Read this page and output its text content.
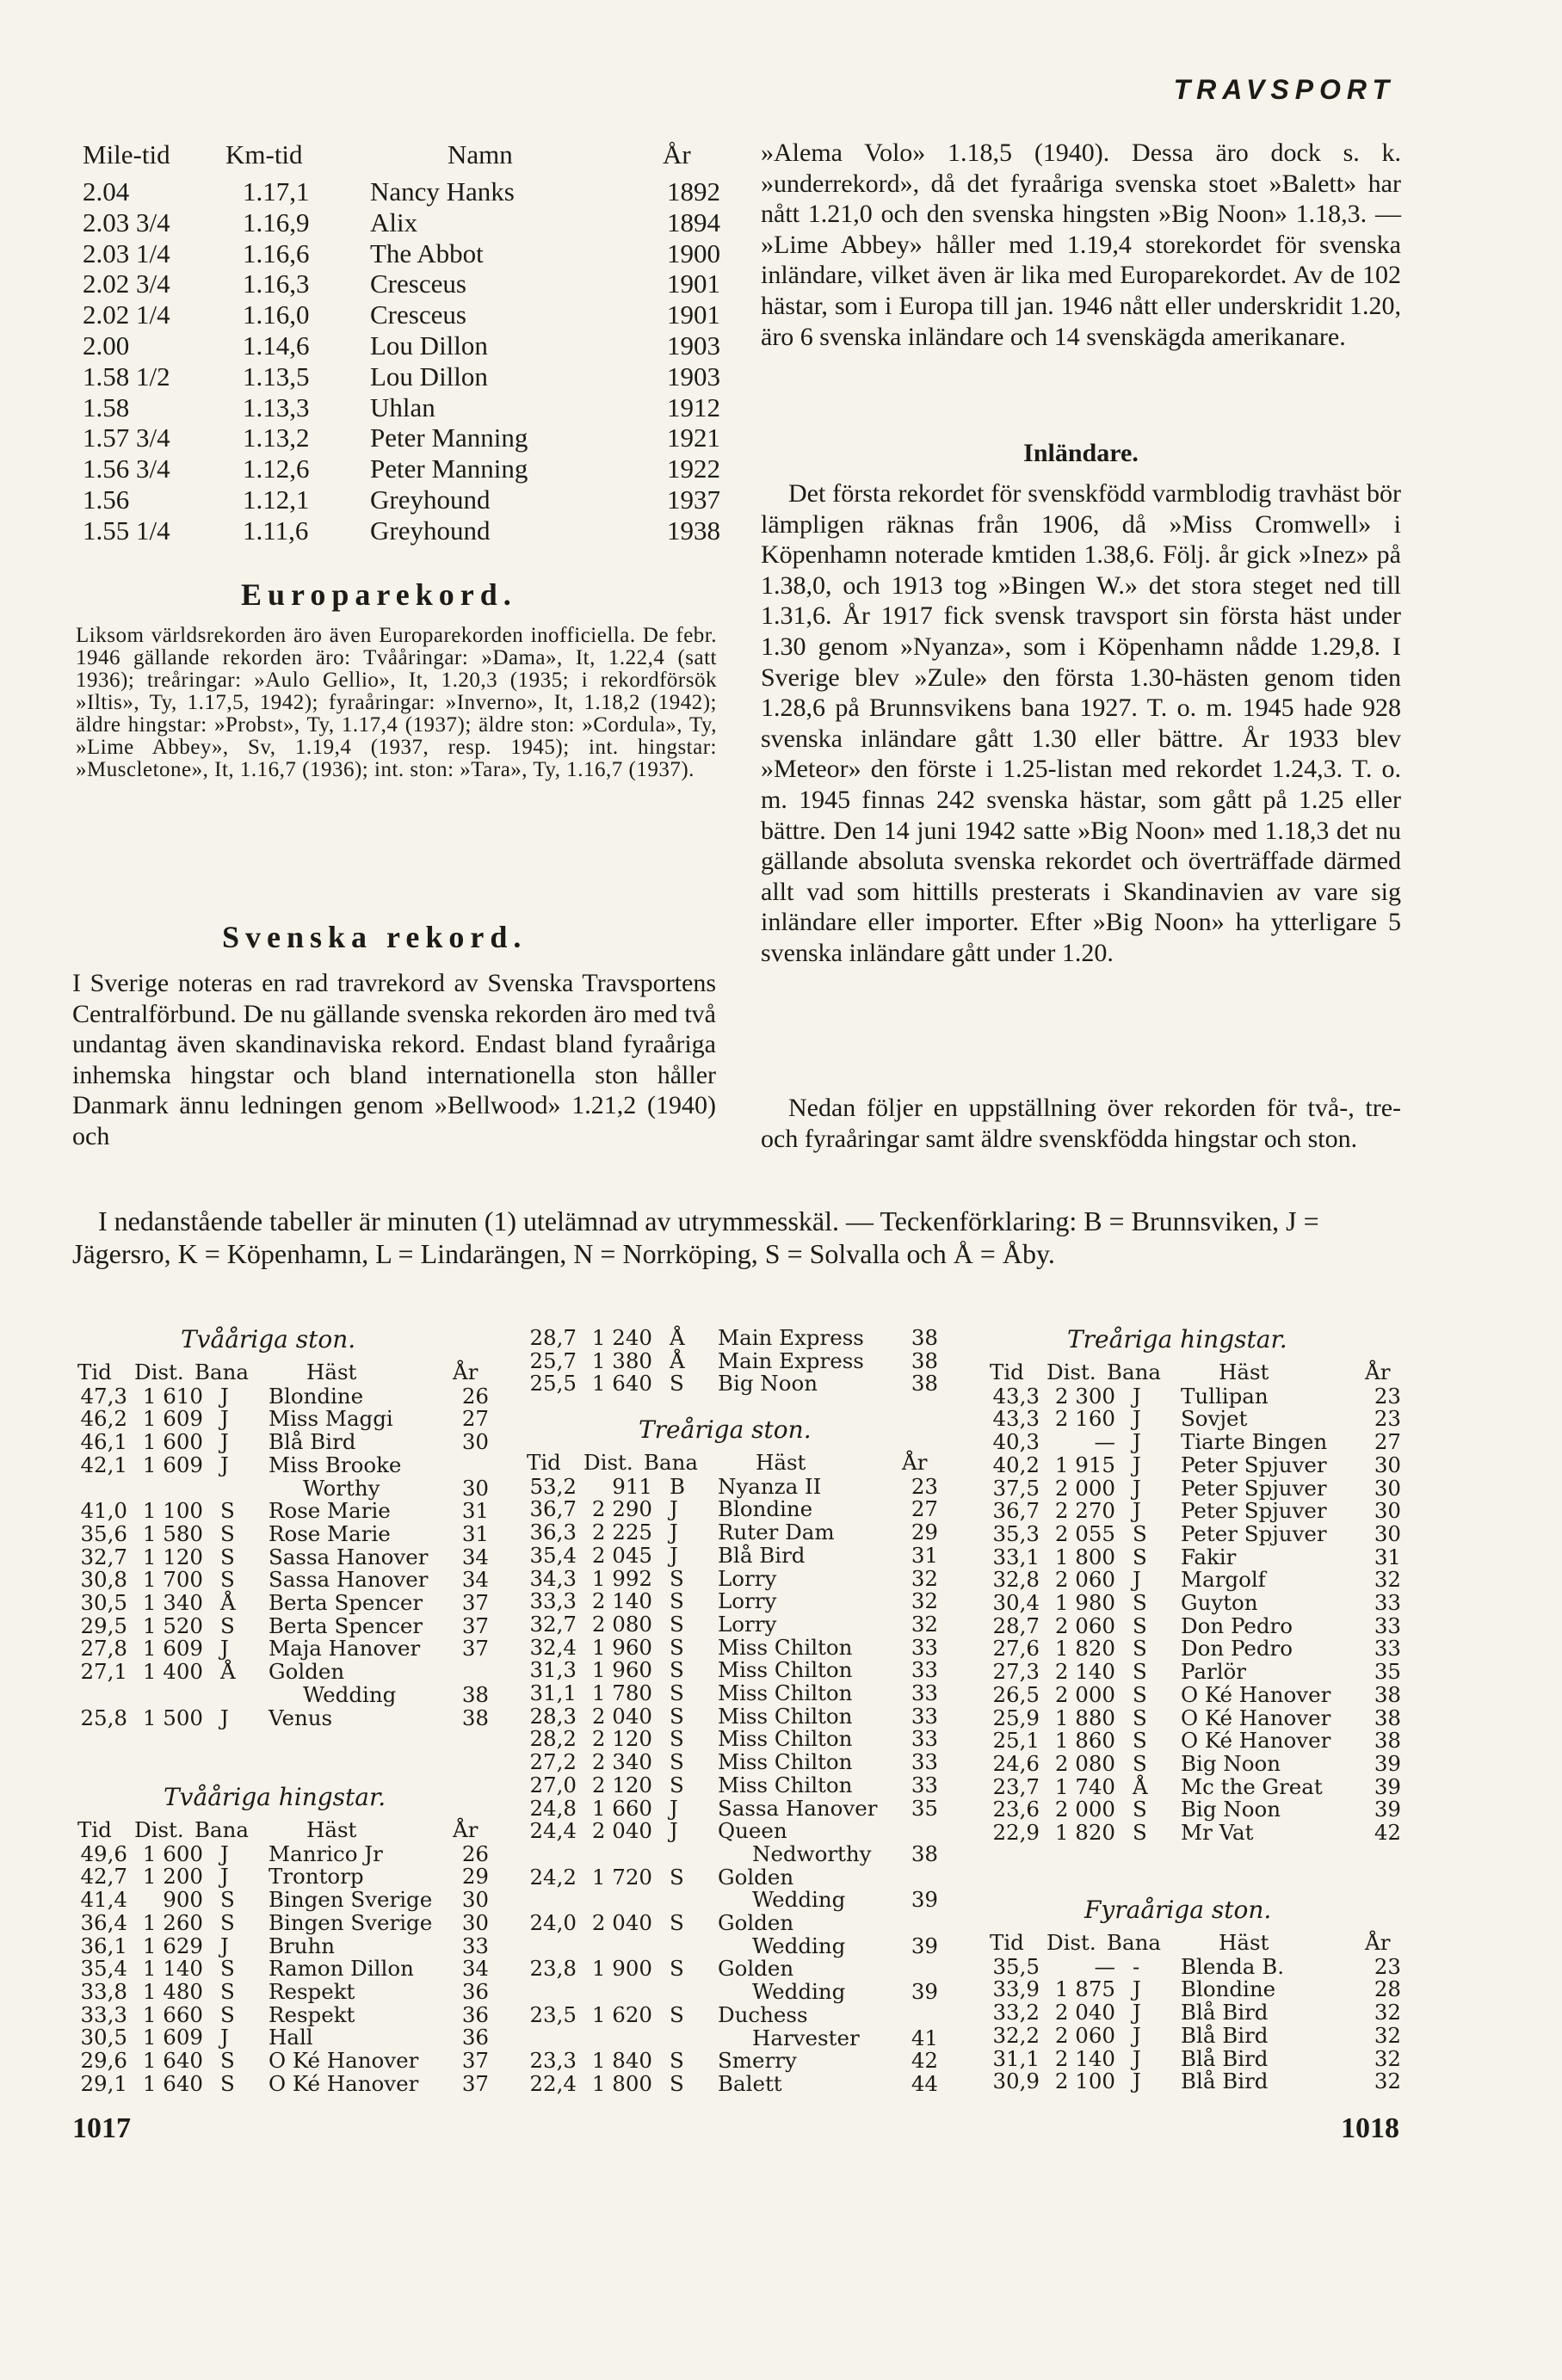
TRAVSPORT
Mile-tid Km-tid	Namn	År
2.04	1.17,1 Nancy Hanks	1892
2.03 3/4	1.16,9 Alix	1894
2.03 1/4	1.16,6 The Abbot	1900
2.02 3/4	1.16,3 Cresceus	1901
2.02 1/4	1.16,0 Cresceus	1901
2.00	1.14,6 Lou Dillon	1903
1.58 1/2	1.13,5 Lou Dillon	1903
1.58	1.13,3 Uhlan	1912
1.57 3/4	1.13,2 Peter Manning	1921
1.56 3/4	1.12,6 Peter Manning	1922
1.56	1.12,1 Greyhound	1937
1.55 1/4	1.11,6 Greyhound	1938
Europarekord.
Liksom världsrekorden äro även Europarekorden inofficiella. De febr. 1946 gällande rekorden äro: Tvååringar: »Dama», It, 1.22,4 (satt 1936); treåringar: »Aulo Gellio», It, 1.20,3 (1935; i rekordförsök »Iltis», Ty, 1.17,5, 1942); fyraåringar: »Inverno», It, 1.18,2 (1942); äldre hingstar: »Probst», Ty, 1.17,4 (1937); äldre ston: »Cordula», Ty, »Lime Abbey», Sv, 1.19,4 (1937, resp. 1945); int. hingstar: »Muscletone», It, 1.16,7 (1936); int. ston: »Tara», Ty, 1.16,7 (1937).
Svenska rekord.
I Sverige noteras en rad travrekord av Svenska Travsportens Centralförbund. De nu gällande svenska rekorden äro med två undantag även skandinaviska rekord. Endast bland fyraåriga inhemska hingstar och bland internationella ston håller Danmark ännu ledningen genom »Bellwood» 1.21,2 (1940) och
»Alema Volo» 1.18,5 (1940). Dessa äro dock s. k. »underrekord», då det fyraåriga svenska stoet »Balett» har nått 1.21,0 och den svenska hingsten »Big Noon» 1.18,3. — »Lime Abbey» håller med 1.19,4 storekordet för svenska inländare, vilket även är lika med Europarekordet. Av de 102 hästar, som i Europa till jan. 1946 nått eller underskridit 1.20, äro 6 svenska inländare och 14 svenskägda amerikanare.
Inländare.
Det första rekordet för svenskfödd varmblodig travhäst bör lämpligen räknas från 1906, då »Miss Cromwell» i Köpenhamn noterade kmtiden 1.38,6. Följ. år gick »Inez» på 1.38,0, och 1913 tog »Bingen W.» det stora steget ned till 1.31,6. År 1917 fick svensk travsport sin första häst under 1.30 genom »Nyanza», som i Köpenhamn nådde 1.29,8. I Sverige blev »Zule» den första 1.30-hästen genom tiden 1.28,6 på Brunnsvikens bana 1927. T. o. m. 1945 hade 928 svenska inländare gått 1.30 eller bättre. År 1933 blev »Meteor» den förste i 1.25-listan med rekordet 1.24,3. T. o. m. 1945 finnas 242 svenska hästar, som gått på 1.25 eller bättre. Den 14 juni 1942 satte »Big Noon» med 1.18,3 det nu gällande absoluta svenska rekordet och överträffade därmed allt vad som hittills presterats i Skandinavien av vare sig inländare eller importer. Efter »Big Noon» ha ytterligare 5 svenska inländare gått under 1.20.
Nedan följer en uppställning över rekorden för två-, tre- och fyraåringar samt äldre svenskfödda hingstar och ston.

I nedanstående tabeller är minuten (1) utelämnad av utrymmesskäl. — Teckenförklaring: B = Brunnsviken, J = Jägersro, K = Köpenhamn, L = Lindarängen, N = Norrköping, S = Solvalla och Å = Åby.

Tvååriga ston.
Tid Dist. Bana	Häst	År
47,3 1 610 J	Blondine	26
46,2 1 609 J	Miss Maggi	27
46,1 1 600 J	Blå Bird	30
42,1 1 609 J	Miss Brooke
Worthy	30
41,0 1 100 S	Rose Marie	31
35,6 1 580 S	Rose Marie	31
32,7 1 120 S	Sassa Hanover	34
30,8 1 700 S	Sassa Hanover	34
30,5 1 340 Å	Berta Spencer	37
29,5 1 520 S	Berta Spencer	37
27,8 1 609 J	Maja Hanover	37
27,1 1 400 Å	Golden
Wedding	38
25,8 1 500 J	Venus	38
Tvååriga hingstar.
Tid Dist. Bana	Häst	År
49,6 1 600 J	Manrico Jr	26
42,7 1 200 J	Trontorp	29
41,4	900 S	Bingen Sverige	30
36,4 1 260 S	Bingen Sverige	30
36,1 1 629 J	Bruhn	33
35,4 1 140 S	Ramon Dillon	34
33,8 1 480 S	Respekt	36
33,3 1 660 S	Respekt	36
30,5 1 609 J	Hall	36
29,6 1 640 S	O Ké Hanover	37
29,1 1 640 S	O Ké Hanover	37
28,7 1 240 Å	Main Express	38
25,7 1 380 Å	Main Express	38
25,5 1 640 S	Big Noon	38
Treåriga ston.
Tid Dist. Bana	Häst	År
53,2	911 B	Nyanza II	23
36,7 2 290 J	Blondine	27
36,3 2 225 J	Ruter Dam	29
35,4 2 045 J	Blå Bird	31
34,3 1 992 S	Lorry	32
33,3 2 140 S	Lorry	32
32,7 2 080 S	Lorry	32
32,4 1 960 S	Miss Chilton	33
31,3 1 960 S	Miss Chilton	33
31,1 1 780 S	Miss Chilton	33
28,3 2 040 S	Miss Chilton	33
28,2 2 120 S	Miss Chilton	33
27,2 2 340 S	Miss Chilton	33
27,0 2 120 S	Miss Chilton	33
24,8 1 660 J	Sassa Hanover	35
24,4 2 040 J	Queen
Nedworthy	38
24,2 1 720 S	Golden
Wedding	39
24,0 2 040 S	Golden
Wedding	39
23,8 1 900 S	Golden
Wedding	39
23,5 1 620 S	Duchess
Harvester	41
23,3 1 840 S	Smerry	42
22,4 1 800 S	Balett	44
Treåriga hingstar.
Tid Dist. Bana	Häst	År
43,3 2 300 J	Tullipan	23
43,3 2 160 J	Sovjet	23
40,3	— J	Tiarte Bingen	27
40,2 1 915 J	Peter Spjuver	30
37,5 2 000 J	Peter Spjuver	30
36,7 2 270 J	Peter Spjuver	30
35,3 2 055 S	Peter Spjuver	30
33,1 1 800 S	Fakir	31
32,8 2 060 J	Margolf	32
30,4 1 980 S	Guyton	33
28,7 2 060 S	Don Pedro	33
27,6 1 820 S	Don Pedro	33
27,3 2 140 S	Parlör	35
26,5 2 000 S	O Ké Hanover	38
25,9 1 880 S	O Ké Hanover	38
25,1 1 860 S	O Ké Hanover	38
24,6 2 080 S	Big Noon	39
23,7 1 740 Å	Mc the Great	39
23,6 2 000 S	Big Noon	39
22,9 1 820 S	Mr Vat	42
Fyraåriga ston.
Tid Dist. Bana	Häst	År
35,5	— -	Blenda B.	23
33,9 1 875 J	Blondine	28
33,2 2 040 J	Blå Bird	32
32,2 2 060 J	Blå Bird	32
31,1 2 140 J	Blå Bird	32
30,9 2 100 J	Blå Bird	32
1017	1018
